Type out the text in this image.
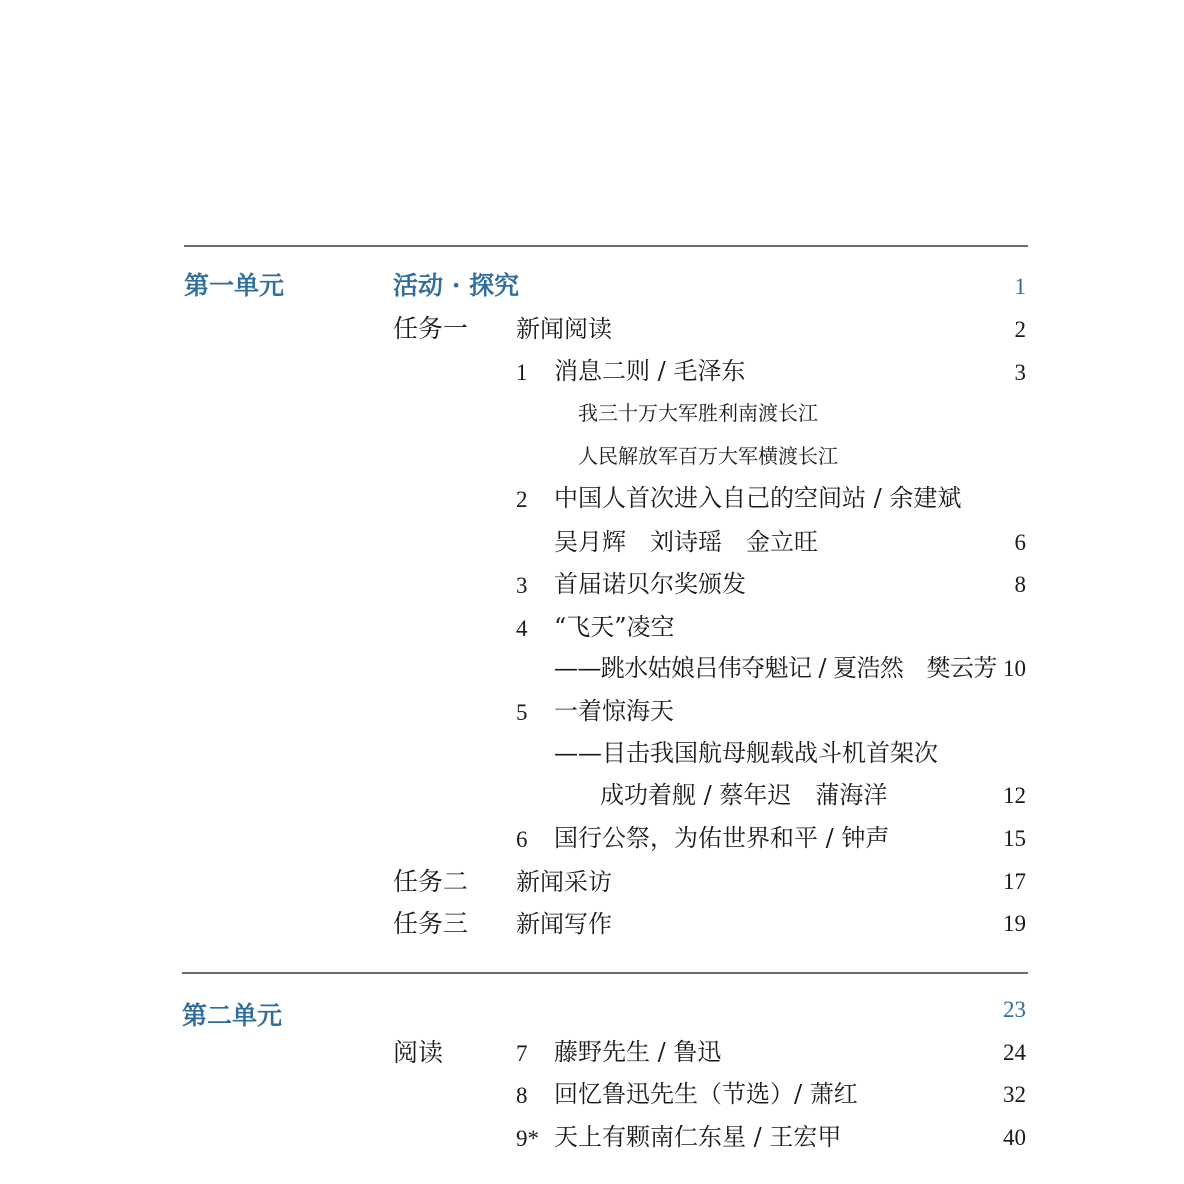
第一单元	活动 · 探究	1
任务一 新闻阅读	2
1 消息二则 / 毛泽东	3
我三十万大军胜利南渡长江
人民解放军百万大军横渡长江
2 中国人首次进入自己的空间站 / 余建斌
吴月辉　刘诗瑶　金立旺	6
3 首届诺贝尔奖颁发	8
4 “飞天”凌空
——跳水姑娘吕伟夺魁记 / 夏浩然　樊云芳 10
5 一着惊海天
——目击我国航母舰载战斗机首架次
成功着舰 / 蔡年迟　蒲海洋	12
6 国行公祭，为佑世界和平 / 钟声	15
任务二 新闻采访	17
任务三 新闻写作	19
第二单元	23
阅读	7 藤野先生 / 鲁迅	24
8 回忆鲁迅先生（节选）/ 萧红	32
9* 天上有颗南仁东星 / 王宏甲	40
